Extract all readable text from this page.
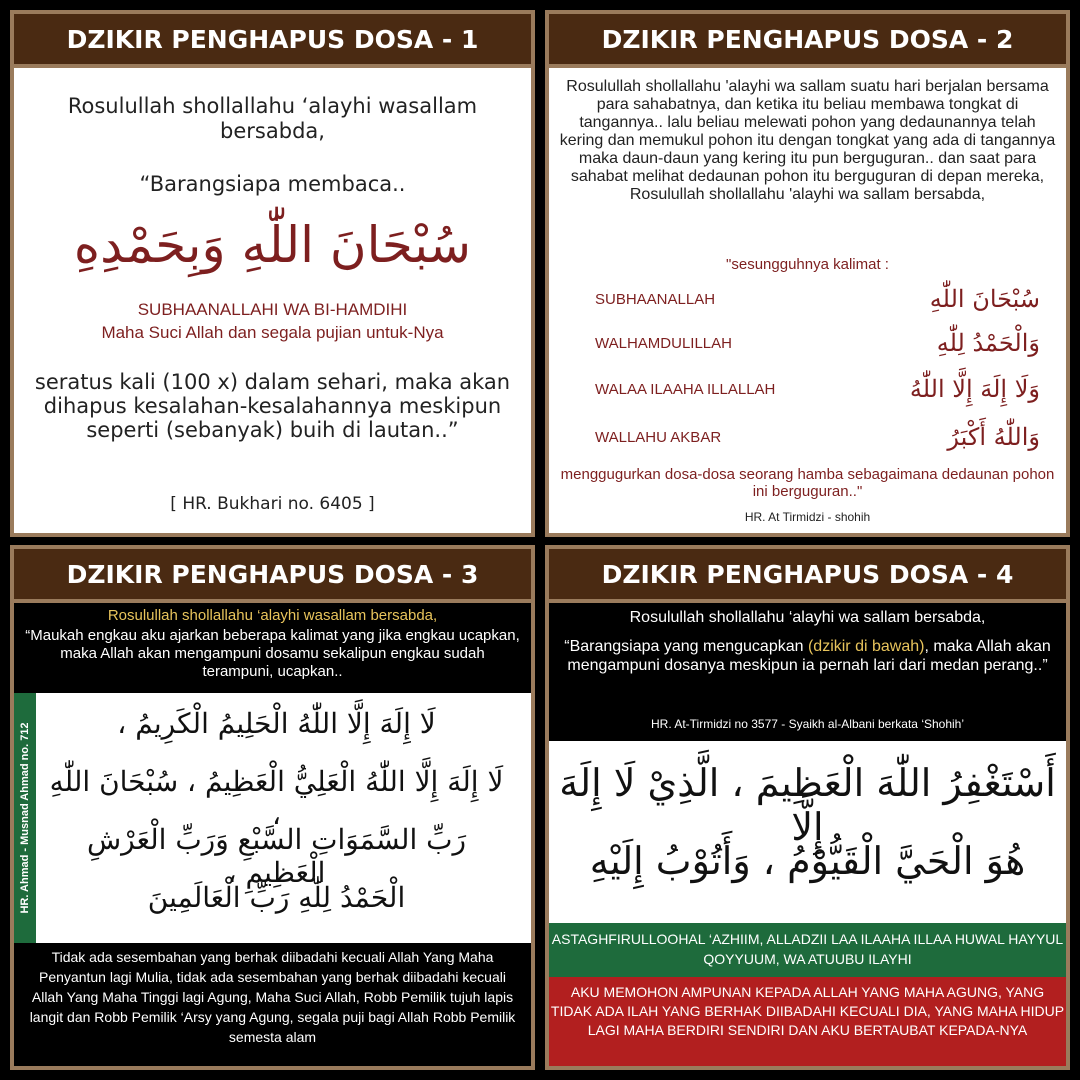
DZIKIR PENGHAPUS DOSA - 1
Rosulullah shollallahu ‘alayhi wasallam bersabda,
“Barangsiapa membaca..
سُبْحَانَ اللّٰهِ وَبِحَمْدِهِ
SUBHAANALLAHI WA BI-HAMDIHI
Maha Suci Allah dan segala pujian untuk-Nya
seratus kali (100 x) dalam sehari, maka akan dihapus kesalahan-kesalahannya meskipun seperti (sebanyak) buih di lautan..”
[ HR. Bukhari no. 6405 ]
DZIKIR PENGHAPUS DOSA - 2
Rosulullah shollallahu 'alayhi wa sallam suatu hari berjalan bersama para sahabatnya, dan ketika itu beliau membawa tongkat di tangannya.. lalu beliau melewati pohon yang dedaunannya telah kering dan memukul pohon itu dengan tongkat yang ada di tangannya maka daun-daun yang kering itu pun berguguran.. dan saat para sahabat melihat dedaunan pohon itu berguguran di depan mereka, Rosulullah shollallahu 'alayhi wa sallam bersabda,
"sesungguhnya kalimat :
SUBHAANALLAH	سُبْحَانَ اللّٰهِ
WALHAMDULILLAH	وَالْحَمْدُ لِلّٰهِ
WALAA ILAAHA ILLALLAH	وَلَا إِلَهَ إِلَّا اللّٰهُ
WALLAHU AKBAR	وَاللّٰهُ أَكْبَرُ
menggugurkan dosa-dosa seorang hamba sebagaimana dedaunan pohon ini berguguran.."
HR. At Tirmidzi - shohih
DZIKIR PENGHAPUS DOSA - 3
Rosulullah shollallahu ‘alayhi wasallam bersabda,
“Maukah engkau aku ajarkan beberapa kalimat yang jika engkau ucapkan, maka Allah akan mengampuni dosamu sekalipun engkau sudah terampuni, ucapkan..
HR. Ahmad - Musnad Ahmad no. 712	لَا إِلَهَ إِلَّا اللّٰهُ الْحَلِيمُ الْكَرِيمُ ،
لَا إِلَهَ إِلَّا اللّٰهُ الْعَلِيُّ الْعَظِيمُ ، سُبْحَانَ اللّٰهِ ،
رَبِّ السَّمَوَاتِ السَّبْعِ وَرَبِّ الْعَرْشِ الْعَظِيمِ ،
الْحَمْدُ لِلّٰهِ رَبِّ الْعَالَمِينَ
Tidak ada sesembahan yang berhak diibadahi kecuali Allah Yang Maha Penyantun lagi Mulia, tidak ada sesembahan yang berhak diibadahi kecuali Allah Yang Maha Tinggi lagi Agung, Maha Suci Allah, Robb Pemilik tujuh lapis langit dan Robb Pemilik ‘Arsy yang Agung, segala puji bagi Allah Robb Pemilik semesta alam
DZIKIR PENGHAPUS DOSA - 4
Rosulullah shollallahu ‘alayhi wa sallam bersabda,
“Barangsiapa yang mengucapkan (dzikir di bawah), maka Allah akan mengampuni dosanya meskipun ia pernah lari dari medan perang..”
HR. At-Tirmidzi no 3577 - Syaikh al-Albani berkata ‘Shohih’
أَسْتَغْفِرُ اللّٰهَ الْعَظِيمَ ، الَّذِيْ لَا إِلَهَ إِلَّا
هُوَ الْحَيَّ الْقَيُّوْمُ ، وَأَتُوْبُ إِلَيْهِ
ASTAGHFIRULLOOHAL ‘AZHIIM, ALLADZII LAA ILAAHA ILLAA HUWAL HAYYUL QOYYUUM, WA ATUUBU ILAYHI
AKU MEMOHON AMPUNAN KEPADA ALLAH YANG MAHA AGUNG, YANG TIDAK ADA ILAH YANG BERHAK DIIBADAHI KECUALI DIA, YANG MAHA HIDUP LAGI MAHA BERDIRI SENDIRI DAN AKU BERTAUBAT KEPADA-NYA
